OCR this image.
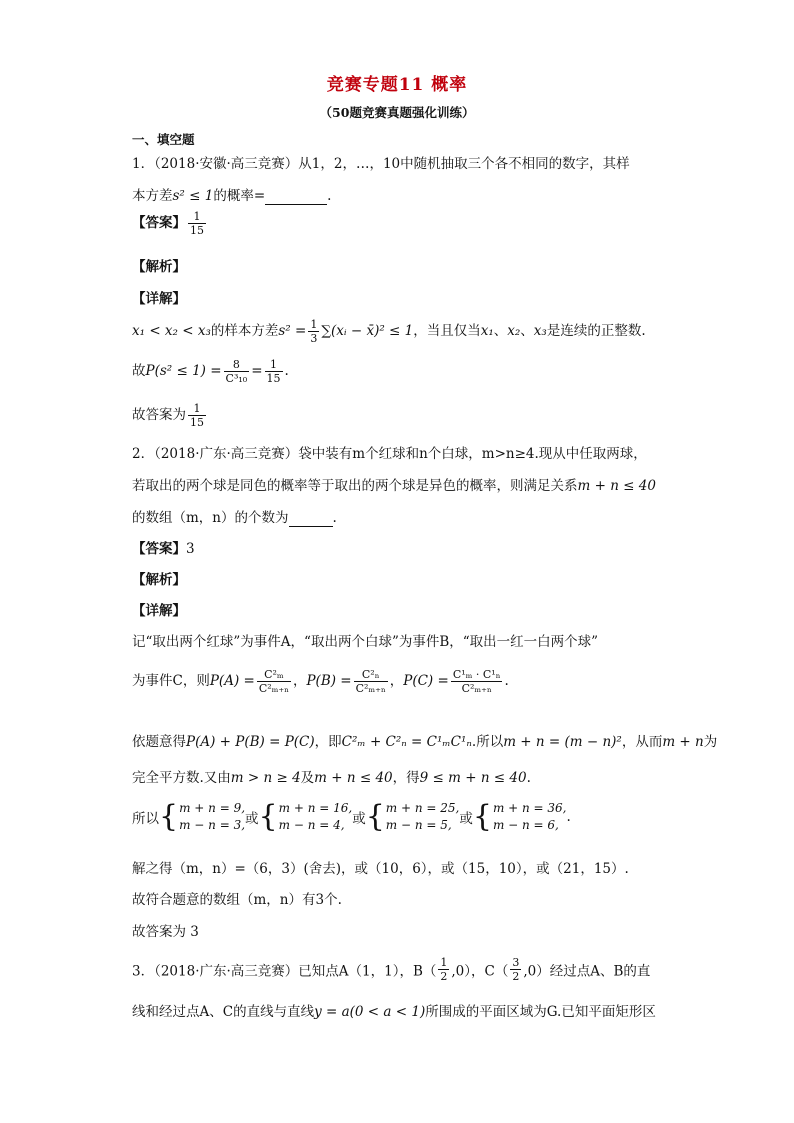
竞赛专题11 概率
（50题竞赛真题强化训练）
一、填空题
1．（2018·安徽·高三竞赛）从1，2，…，10中随机抽取三个各不相同的数字，其样
本方差s² ≤ 1的概率=	.
【答案】 $\frac{1}{15}$
【解析】
【详解】
x₁ < x₂ < x₃的样本方差$s^2 = \frac{1}{3}$ ∑(xᵢ − x̄)² ≤ 1，当且仅当x₁、x₂、x₃是连续的正整数.
故$P(s^2 \le 1) = \frac{8}{\text{C³₁₀}} = \frac{1}{15}$ .
故答案为 $\frac{1}{15}$
2．（2018·广东·高三竞赛）袋中装有m个红球和n个白球，m>n≥4.现从中任取两球，
若取出的两个球是同色的概率等于取出的两个球是异色的概率，则满足关系m + n ≤ 40
的数组（m，n）的个数为	.
【答案】3
【解析】
【详解】
记“取出两个红球”为事件A，“取出两个白球”为事件B，“取出一红一白两个球”
为事件C，则$P(A) = \frac{\text{C²ₘ}}{\text{C²ₘ₊ₙ}}$ ，$P(B) = \frac{\text{C²ₙ}}{\text{C²ₘ₊ₙ}}$ ，$P(C) = \frac{\text{C¹ₘ · C¹ₙ}}{\text{C²ₘ₊ₙ}}$ .
依题意得P(A) + P(B) = P(C)，即C²ₘ + C²ₙ = C¹ₘC¹ₙ.所以m + n = (m − n)²，从而m + n为
完全平方数.又由m > n ≥ 4及m + n ≤ 40，得9 ≤ m + n ≤ 40.
所以{ m + n = 9,
m − n = 3, 或{ m + n = 16,
m − n = 4, 或{ m + n = 25,
m − n = 5, 或{ m + n = 36,
m − n = 6, .
解之得（m，n）=（6，3）(舍去)，或（10，6），或（15，10），或（21，15）.
故符合题意的数组（m，n）有3个.
故答案为 3
3．（2018·广东·高三竞赛）已知点A（1，1），$B( \frac{1}{2} ,0)$，$C( \frac{3}{2} ,0)$经过点A、B的直
线和经过点A、C的直线与直线y = a(0 < a < 1)所围成的平面区域为G.已知平面矩形区
